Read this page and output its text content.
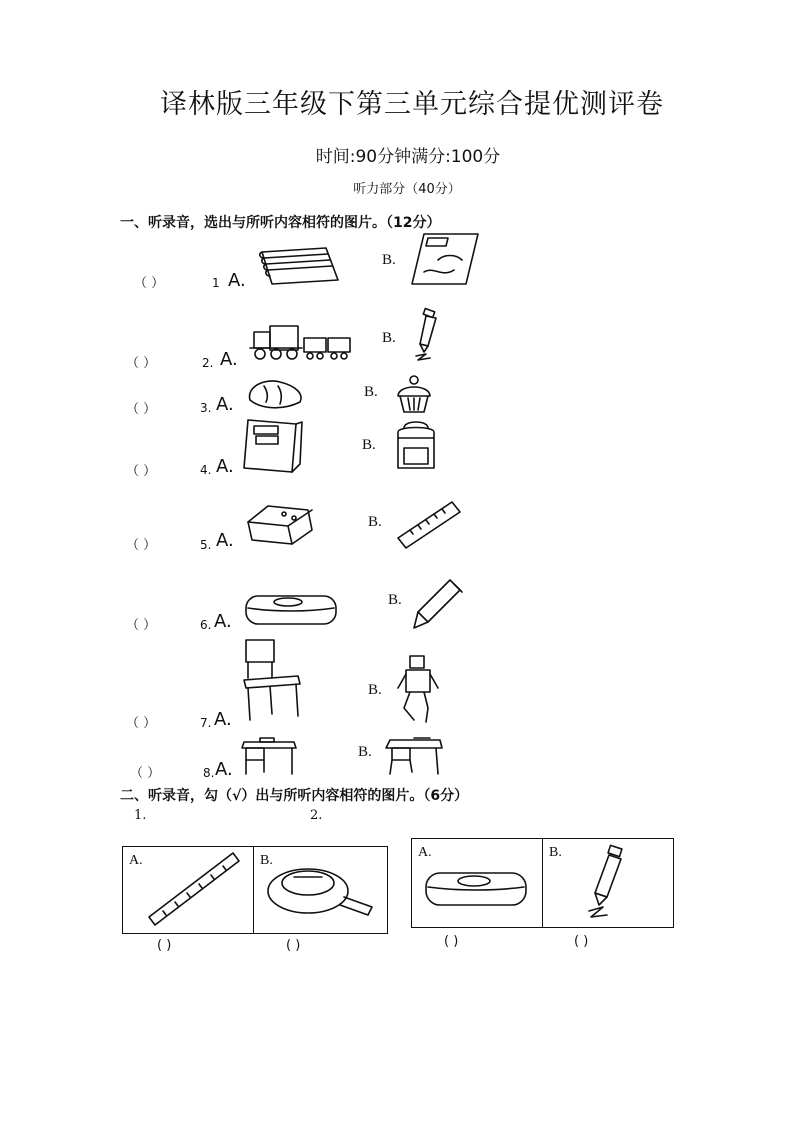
译林版三年级下第三单元综合提优测评卷
时间:90分钟满分:100分
听力部分（40分）
一、听录音，选出与所听内容相符的图片。（12分）
（ ）	1 A.
B.
（ ）	2. A.
B.
（ ）	3. A.
B.
（ ）	4. A.
B.
（ ）	5. A.
B.
（ ）	6. A.
B.
（ ）	7. A.
B.
（ ）	8. A.
B.
二、听录音，勾（√）出与所听内容相符的图片。（6分）
1.	2.
A.	B.
( )	( )
A.	B.
( )	( )
